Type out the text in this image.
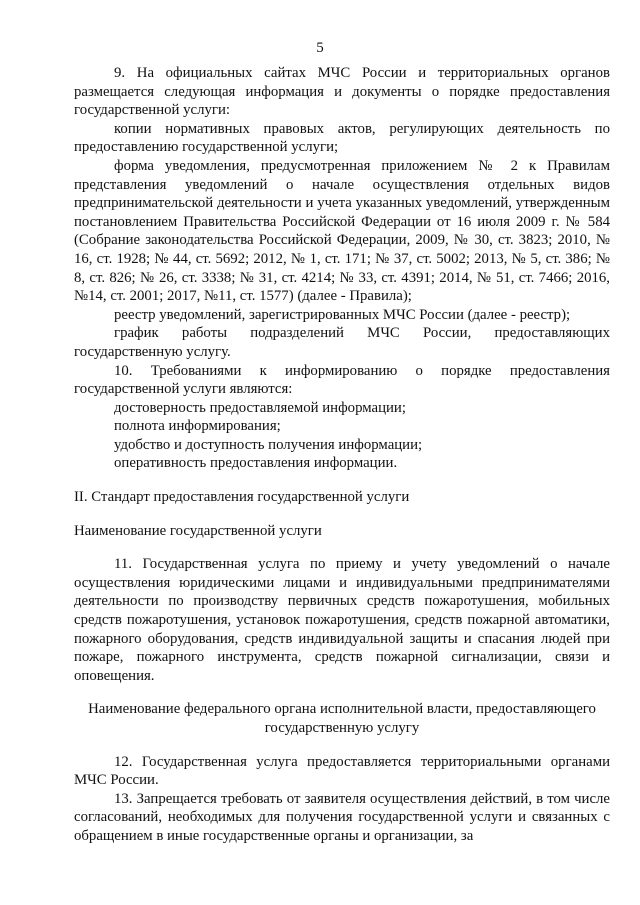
5

9. На официальных сайтах МЧС России и территориальных органов размещается следующая информация и документы о порядке предоставления государственной услуги:

копии нормативных правовых актов, регулирующих деятельность по предоставлению государственной услуги;

форма уведомления, предусмотренная приложением № 2 к Правилам представления уведомлений о начале осуществления отдельных видов предпринимательской деятельности и учета указанных уведомлений, утвержденным постановлением Правительства Российской Федерации от 16 июля 2009 г. № 584 (Собрание законодательства Российской Федерации, 2009, № 30, ст. 3823; 2010, № 16, ст. 1928; № 44, ст. 5692; 2012, № 1, ст. 171; № 37, ст. 5002; 2013, № 5, ст. 386; № 8, ст. 826; № 26, ст. 3338; № 31, ст. 4214; № 33, ст. 4391; 2014, № 51, ст. 7466; 2016, №14, ст. 2001; 2017, №11, ст. 1577) (далее - Правила);

реестр уведомлений, зарегистрированных МЧС России (далее - реестр);

график работы подразделений МЧС России, предоставляющих государственную услугу.

10. Требованиями к информированию о порядке предоставления государственной услуги являются:

достоверность предоставляемой информации;

полнота информирования;

удобство и доступность получения информации;

оперативность предоставления информации.

II. Стандарт предоставления государственной услуги

Наименование государственной услуги

11. Государственная услуга по приему и учету уведомлений о начале осуществления юридическими лицами и индивидуальными предпринимателями деятельности по производству первичных средств пожаротушения, мобильных средств пожаротушения, установок пожаротушения, средств пожарной автоматики, пожарного оборудования, средств индивидуальной защиты и спасания людей при пожаре, пожарного инструмента, средств пожарной сигнализации, связи и оповещения.

Наименование федерального органа исполнительной власти, предоставляющего
государственную услугу

12. Государственная услуга предоставляется территориальными органами МЧС России.

13. Запрещается требовать от заявителя осуществления действий, в том числе согласований, необходимых для получения государственной услуги и связанных с обращением в иные государственные органы и организации, за
